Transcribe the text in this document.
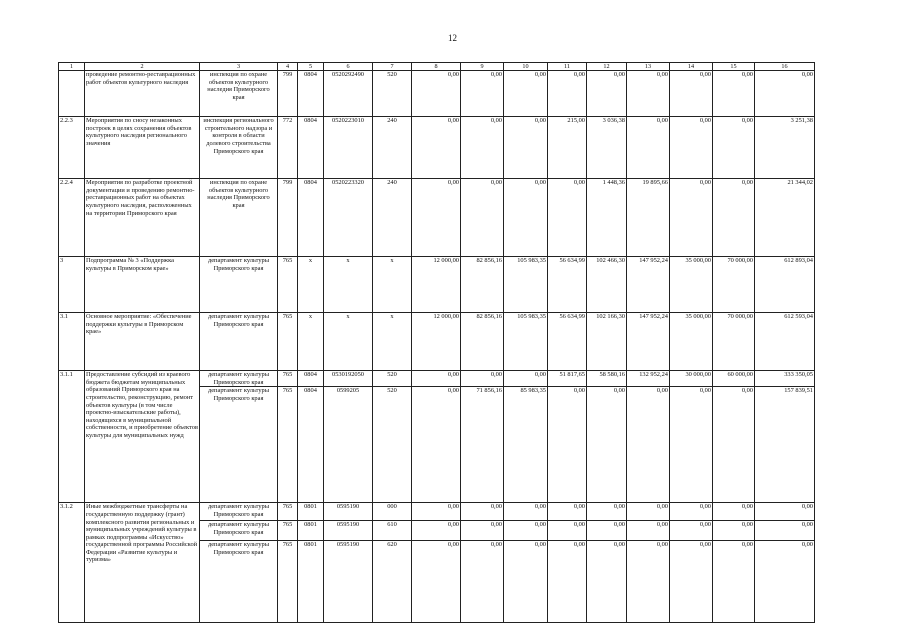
12
1	2	3	4	5	6	7	8	9	10	11	12	13	14	15	16
	проведение ремонтно-реставрационных работ объектов культурного наследия	инспекция по охране объектов культурного наследия Приморского края	799	0804	0520292490	520	0,00	0,00	0,00	0,00	0,00	0,00	0,00	0,00	0,00
2.2.3	Мероприятия по сносу незаконных построек в целях сохранения объектов культурного наследия регионального значения	инспекция регионального строительного надзора и контроля в области долевого строительства Приморского края	772	0804	0520223010	240	0,00	0,00	0,00	215,00	3 036,38	0,00	0,00	0,00	3 251,38
2.2.4	Мероприятия по разработке проектной документации и проведению ремонтно-реставрационных работ на объектах культурного наследия, расположенных на территории Приморского края	инспекция по охране объектов культурного наследия Приморского края	799	0804	0520223320	240	0,00	0,00	0,00	0,00	1 448,36	19 895,66	0,00	0,00	21 344,02
3	Подпрограмма № 3 «Поддержка культуры в Приморском крае»	департамент культуры Приморского края	765	x	x	x	12 000,00	82 856,16	105 983,35	56 634,99	102 466,30	147 952,24	35 000,00	70 000,00	612 893,04
3.1	Основное мероприятие: «Обеспечение поддержки культуры в Приморском крае»	департамент культуры Приморского края	765	x	x	x	12 000,00	82 856,16	105 983,35	56 634,99	102 166,30	147 952,24	35 000,00	70 000,00	612 593,04
3.1.1	Предоставление субсидий из краевого бюджета бюджетам муниципальных образований Приморского края на строительство, реконструкцию, ремонт объектов культуры (в том числе проектно-изыскательские работы), находящихся в муниципальной собственности, и приобретение объектов культуры для муниципальных нужд	департамент культуры Приморского края	765	0804	0530192050	520	0,00	0,00	0,00	51 817,65	58 580,16	132 952,24	30 000,00	60 000,00	333 350,05
		департамент культуры Приморского края	765	0804	0599205	520	0,00	71 856,16	85 983,35	0,00	0,00	0,00	0,00	0,00	157 839,51
3.1.2	Иные межбюджетные трансферты на государственную поддержку (грант) комплексного развития региональных и муниципальных учреждений культуры в рамках подпрограммы «Искусство» государственной программы Российской Федерации «Развитие культуры и туризма»	департамент культуры Приморского края	765	0801	0595190	000	0,00	0,00	0,00	0,00	0,00	0,00	0,00	0,00	0,00
		департамент культуры Приморского края	765	0801	0595190	610	0,00	0,00	0,00	0,00	0,00	0,00	0,00	0,00	0,00
		департамент культуры Приморского края	765	0801	0595190	620	0,00	0,00	0,00	0,00	0,00	0,00	0,00	0,00	0,00
